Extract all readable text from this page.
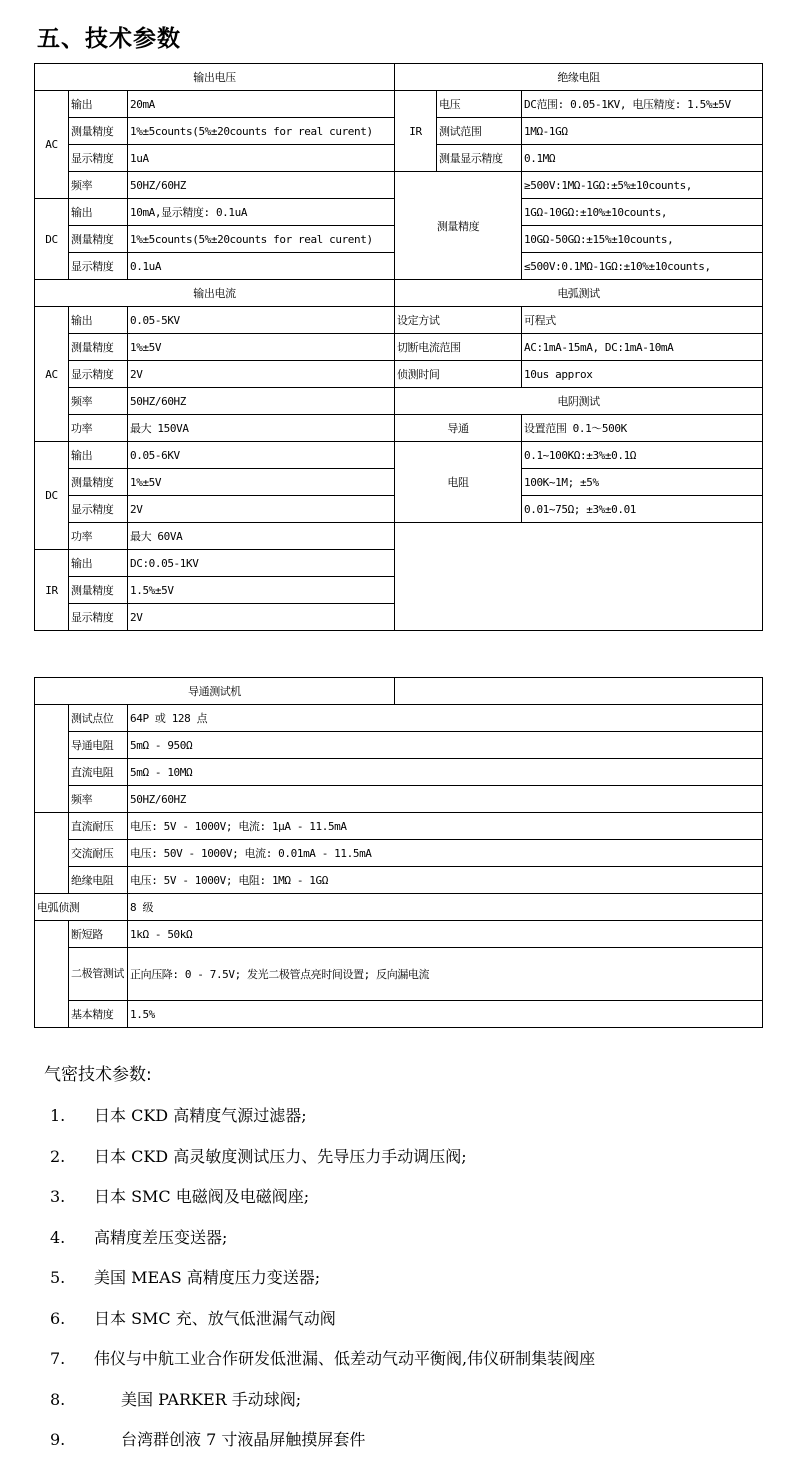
五、技术参数
输出电压			绝缘电阻		
AC	输出	20mA	IR	电压	DC范围: 0.05-1KV, 电压精度: 1.5%±5V
	测量精度	1%±5counts(5%±20counts for real curent)		测试范围	1MΩ-1GΩ
	显示精度	1uA		测量显示精度	0.1MΩ
	频率	50HZ/60HZ	测量精度		≥500V:1MΩ-1GΩ:±5%±10counts,
DC	输出	10mA,显示精度: 0.1uA			1GΩ-10GΩ:±10%±10counts,
	测量精度	1%±5counts(5%±20counts for real curent)			10GΩ-50GΩ:±15%±10counts,
	显示精度	0.1uA			≤500V:0.1MΩ-1GΩ:±10%±10counts,
输出电流			电弧测试		
AC	输出	0.05-5KV	设定方试		可程式
	测量精度	1%±5V	切断电流范围		AC:1mA-15mA, DC:1mA-10mA
	显示精度	2V	侦测时间		10us approx
	频率	50HZ/60HZ	电阴测试		
	功率	最大 150VA	导通		设置范围 0.1～500K
DC	输出	0.05-6KV	电阻		0.1~100KΩ:±3%±0.1Ω
	测量精度	1%±5V			100K~1M; ±5%
	显示精度	2V			0.01~75Ω; ±3%±0.01
	功率	最大 60VA			
IR	输出	DC:0.05-1KV			
	测量精度	1.5%±5V			
	显示精度	2V			
导通测试机			
	测试点位	64P 或 128 点	
	导通电阻	5mΩ - 950Ω	
	直流电阻	5mΩ - 10MΩ	
	频率	50HZ/60HZ	
	直流耐压	电压: 5V - 1000V; 电流: 1μA - 11.5mA	
	交流耐压	电压: 50V - 1000V; 电流: 0.01mA - 11.5mA	
	绝缘电阻	电压: 5V - 1000V; 电阻: 1MΩ - 1GΩ	
电弧侦测		8 级	
	断短路	1kΩ - 50kΩ	
	二极管测试	正向压降: 0 - 7.5V; 发光二极管点亮时间设置; 反向漏电流	
	基本精度	1.5%	
气密技术参数:
1. 日本 CKD 高精度气源过滤器;
2. 日本 CKD 高灵敏度测试压力、先导压力手动调压阀;
3. 日本 SMC 电磁阀及电磁阀座;
4. 高精度差压变送器;
5. 美国 MEAS 高精度压力变送器;
6. 日本 SMC 充、放气低泄漏气动阀
7. 伟仪与中航工业合作研发低泄漏、低差动气动平衡阀,伟仪研制集装阀座
8.	美国 PARKER 手动球阀;
9.	台湾群创液 7 寸液晶屏触摸屏套件
